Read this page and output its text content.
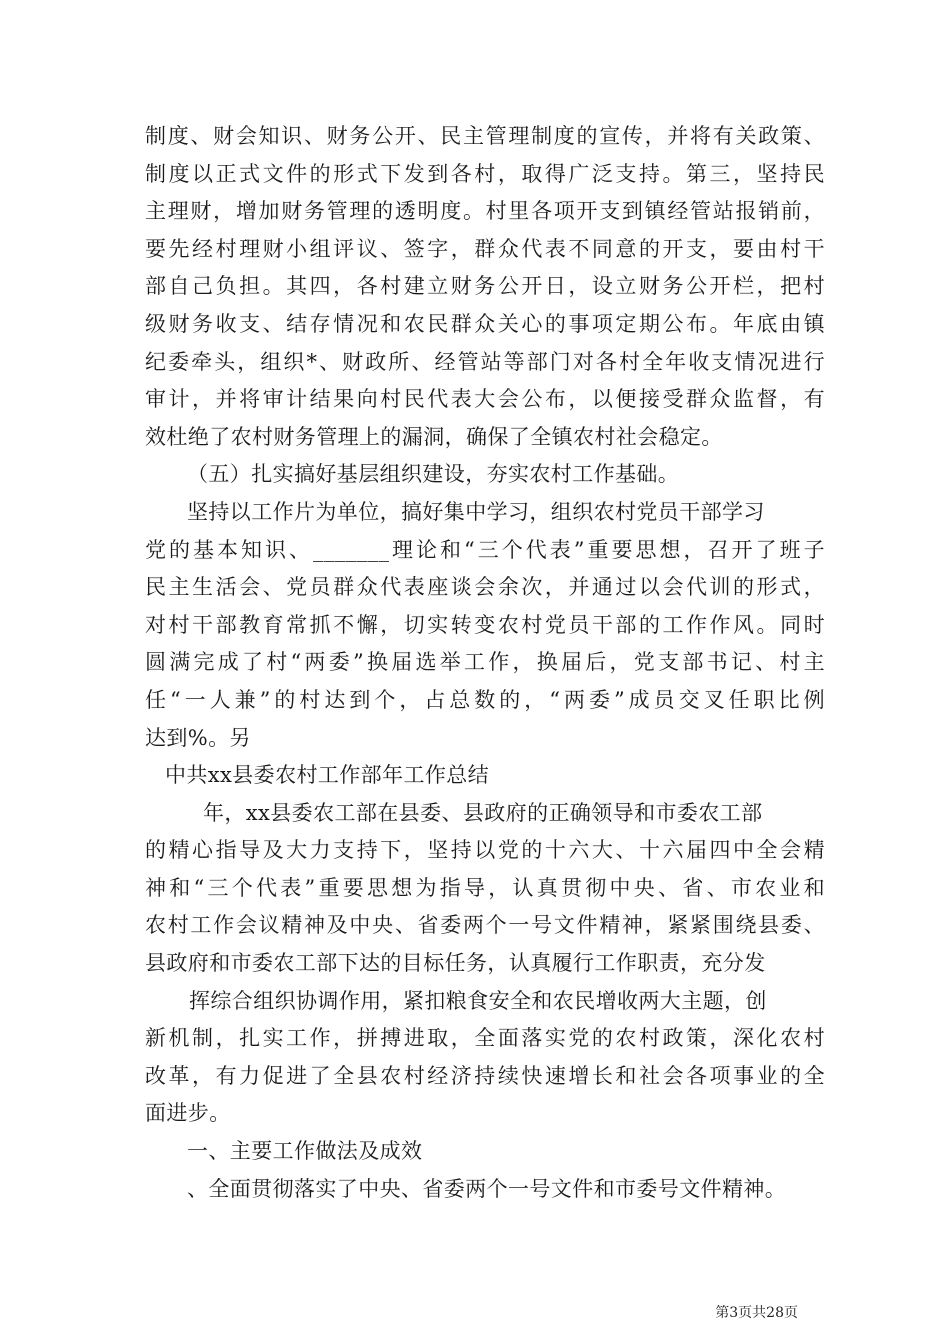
制度、财会知识、财务公开、民主管理制度的宣传，并将有关政策、
制度以正式文件的形式下发到各村，取得广泛支持。第三，坚持民
主理财，增加财务管理的透明度。村里各项开支到镇经管站报销前，
要先经村理财小组评议、签字，群众代表不同意的开支，要由村干
部自己负担。其四，各村建立财务公开日，设立财务公开栏，把村
级财务收支、结存情况和农民群众关心的事项定期公布。年底由镇
纪委牵头，组织*、财政所、经管站等部门对各村全年收支情况进行
审计，并将审计结果向村民代表大会公布，以便接受群众监督，有
效杜绝了农村财务管理上的漏洞，确保了全镇农村社会稳定。
（五）扎实搞好基层组织建设，夯实农村工作基础。
坚持以工作片为单位，搞好集中学习，组织农村党员干部学习
党的基本知识、_______理论和“三个代表”重要思想，召开了班子
民主生活会、党员群众代表座谈会余次，并通过以会代训的形式，
对村干部教育常抓不懈，切实转变农村党员干部的工作作风。同时
圆满完成了村“两委”换届选举工作，换届后，党支部书记、村主
任“一人兼”的村达到个，占总数的，“两委”成员交叉任职比例
达到%。另
中共xx县委农村工作部年工作总结
年，xx县委农工部在县委、县政府的正确领导和市委农工部
的精心指导及大力支持下，坚持以党的十六大、十六届四中全会精
神和“三个代表”重要思想为指导，认真贯彻中央、省、市农业和
农村工作会议精神及中央、省委两个一号文件精神，紧紧围绕县委、
县政府和市委农工部下达的目标任务，认真履行工作职责，充分发
挥综合组织协调作用，紧扣粮食安全和农民增收两大主题，创
新机制，扎实工作，拼搏进取，全面落实党的农村政策，深化农村
改革，有力促进了全县农村经济持续快速增长和社会各项事业的全
面进步。
一、主要工作做法及成效
、全面贯彻落实了中央、省委两个一号文件和市委号文件精神。
第3页共28页
